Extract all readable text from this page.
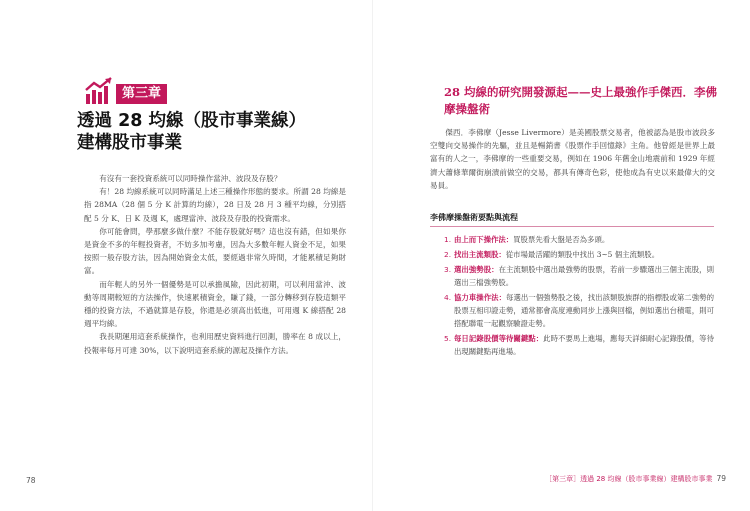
第三章
透過 28 均線（股市事業線）
建構股市事業

有沒有一套投資系統可以同時操作當沖、波段及存股？

有！28 均線系統可以同時滿足上述三種操作形態的要求。所謂 28 均線是指 28MA（28 個 5 分 K 計算的均線），28 日及 28 月 3 種平均線，分別搭配 5 分 K、日 K 及週 K，處理當沖、波段及存股的投資需求。

你可能會問，學那麼多做什麼？不能存股就好嗎？這也沒有錯，但如果你是資金不多的年輕投資者，不妨多加考慮，因為大多數年輕人資金不足，如果按照一般存股方法，因為開始資金太低，要經過非常久時間，才能累積足夠財富。

而年輕人的另外一個優勢是可以承擔風險，因此初期，可以利用當沖、波動等周期較短的方法操作，快速累積資金，賺了錢，一部分轉移到存股這類平穩的投資方法，不過就算是存股，你還是必須高出低進，可用週 K 線搭配 28 週平均線。

我長期運用這套系統操作，也利用歷史資料進行回測，勝率在 8 成以上，投報率每月可達 30%，以下說明這套系統的源起及操作方法。

28 均線的研究開發源起——史上最強作手傑西．李佛摩操盤術

傑西．李佛摩（Jesse Livermore）是美國股票交易者，他被認為是股市波段多空雙向交易操作的先驅，並且是暢銷書《股票作手回憶錄》主角。他曾經是世界上最富有的人之一，李佛摩的一些重要交易，例如在 1906 年舊金山地震前和 1929 年經濟大蕭條華爾街崩潰前做空的交易，都具有傳奇色彩，使他成為有史以來最偉大的交易員。

李佛摩操盤術要點與流程
1. 由上而下操作法：買股票先看大盤是否為多頭。
2. 找出主流類股：從市場最活躍的類股中找出 3~5 個主流類股。
3. 選出強勢股：在主流類股中選出最強勢的股票，若前一步驟選出三個主流股，則選出三檔強勢股。
4. 協力車操作法：每選出一個強勢股之後，找出該類股族群的指標股或第二強勢的股票互相印證走勢，通常都會高度連動同步上漲與回檔，例如選出台積電，則可搭配聯電一起觀察驗證走勢。
5. 每日記錄股價等待關鍵點：此時不要馬上進場，應每天詳細耐心記錄股價，等待出現關鍵點再進場。
78	［第三章］透過 28 均線（股市事業線）建構股市事業 79
